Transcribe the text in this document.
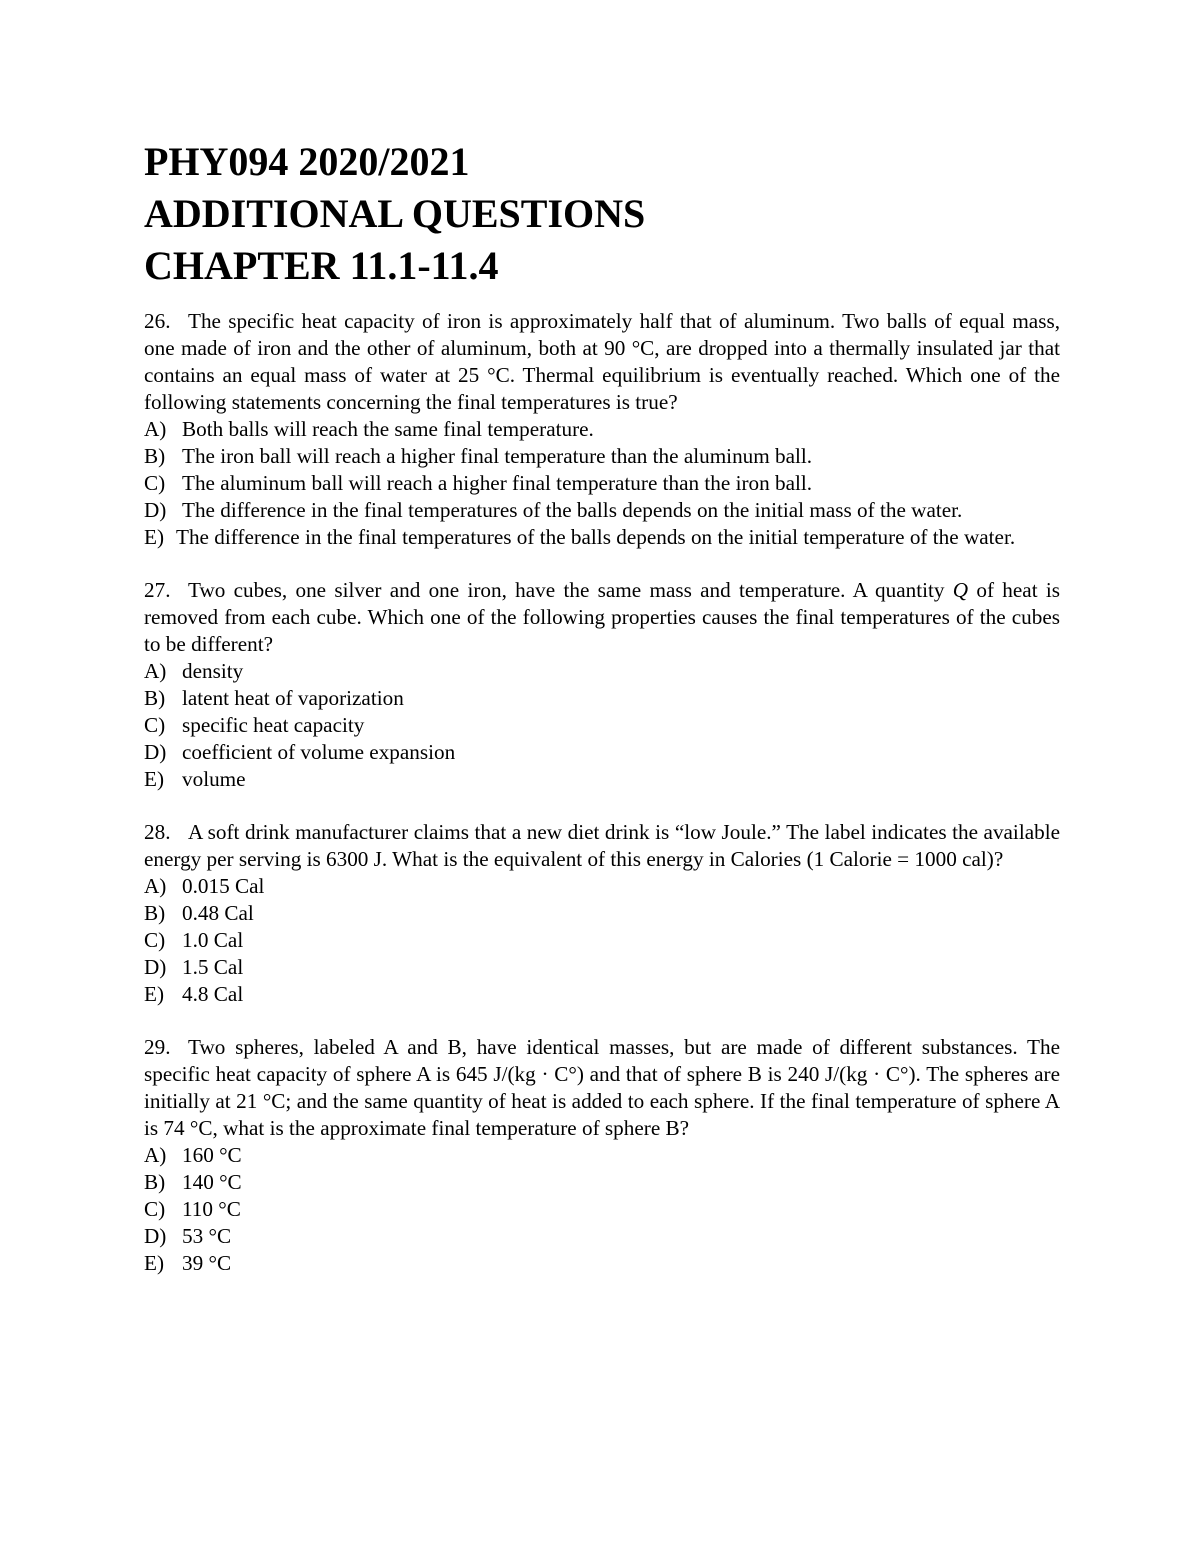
PHY094 2020/2021
ADDITIONAL QUESTIONS
CHAPTER 11.1-11.4

26. The specific heat capacity of iron is approximately half that of aluminum. Two balls of equal mass, one made of iron and the other of aluminum, both at 90 °C, are dropped into a thermally insulated jar that contains an equal mass of water at 25 °C. Thermal equilibrium is eventually reached. Which one of the following statements concerning the final temperatures is true?

A) Both balls will reach the same final temperature.
B) The iron ball will reach a higher final temperature than the aluminum ball.
C) The aluminum ball will reach a higher final temperature than the iron ball.
D) The difference in the final temperatures of the balls depends on the initial mass of the water.

E) The difference in the final temperatures of the balls depends on the initial temperature of the water.

27. Two cubes, one silver and one iron, have the same mass and temperature. A quantity Q of heat is removed from each cube. Which one of the following properties causes the final temperatures of the cubes to be different?

A) density
B) latent heat of vaporization
C) specific heat capacity
D) coefficient of volume expansion
E) volume

28. A soft drink manufacturer claims that a new diet drink is “low Joule.” The label indicates the available energy per serving is 6300 J. What is the equivalent of this energy in Calories (1 Calorie = 1000 cal)?

A) 0.015 Cal
B) 0.48 Cal
C) 1.0 Cal
D) 1.5 Cal
E) 4.8 Cal

29. Two spheres, labeled A and B, have identical masses, but are made of different substances. The specific heat capacity of sphere A is 645 J/(kg · C°) and that of sphere B is 240 J/(kg · C°). The spheres are initially at 21 °C; and the same quantity of heat is added to each sphere. If the final temperature of sphere A is 74 °C, what is the approximate final temperature of sphere B?

A) 160 °C
B) 140 °C
C) 110 °C
D) 53 °C
E) 39 °C
